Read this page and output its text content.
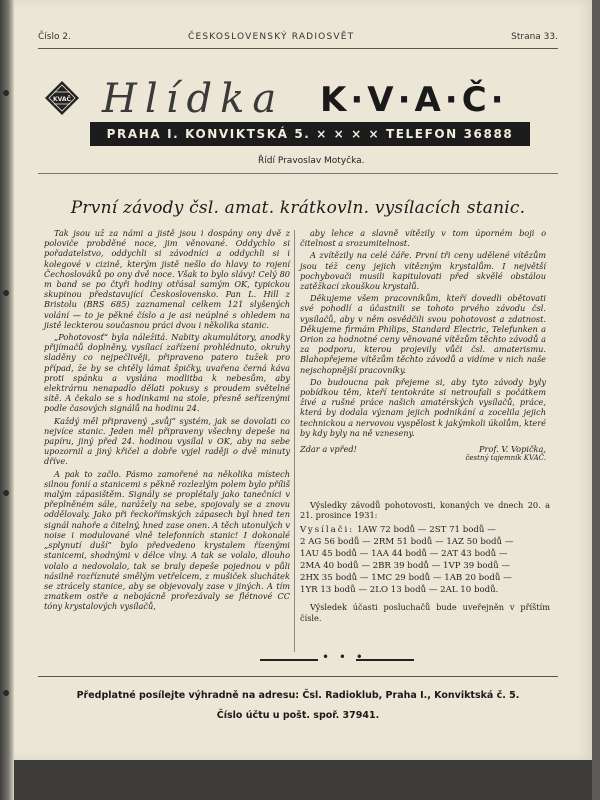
Číslo 2.	ČESKOSLOVENSKÝ RADIOSVĚT	Strana 33.
KVAČ Hlídka K·V·A·Č·
PRAHA I. KONVIKTSKÁ 5. × × × × TELEFON 36888
Řídí Pravoslav Motyčka.
První závody čsl. amat. krátkovln. vysílacích stanic.

Tak jsou už za námi a jistě jsou i dospány ony dvě z poloviče probděné noce, jim věnované. Oddychlo si pořadatelstvo, oddychli si závodníci a oddychli si i kolegové v cizině, kterým jistě nešlo do hlavy to rojení Čechoslováků po ony dvě noce. Však to bylo slávy! Celý 80 m band se po čtyři hodiny otřásal samým OK, typickou skupinou představující Československo. Pan L. Hill z Bristolu (BRS 685) zaznamenal celkem 121 slyšených volání — to je pěkné číslo a je asi neúplné s ohledem na jistě leckterou současnou práci dvou i několika stanic.

„Pohotovosť“ byla náležitá. Nabity akumulátory, anodky přijímačů doplněny, vysílací zařízení prohlédnuto, okruhy sladěny co nejpečlivěji, připraveno patero tužek pro případ, že by se chtěly lámat špičky, uvařena černá káva proti spánku a vyslána modlitba k nebesům, aby elektrárnu nenapadlo dělati pokusy s proudem světelné sítě. A čekalo se s hodinkami na stole, přesně seřízenými podle časových signálů na hodinu 24.

Každý měl připravený „svůj“ systém, jak se dovolati co nejvíce stanic. Jeden měl připraveny všechny depeše na papíru, jiný před 24. hodinou vysílal v OK, aby na sebe upozornil a jiný křičel a dobře vyjel raději o dvě minuty dříve.

A pak to začlo. Pásmo zamořené na několika místech silnou fonií a stanicemi s pěkně rozlezlým polem bylo příliš malým zápasištěm. Signály se proplétaly jako tanečníci v přeplněném sále, narážely na sebe, spojovaly se a znovu oddělovaly. Jako při řeckořímských zápasech byl hned ten signál nahoře a čitelný, hned zase onen. A těch utonulých v noise i modulované vlně telefonních stanic! I dokonalé „splynutí duší“ bylo předvedeno krystalem řízenými stanicemi, shodnými v délce vlny. A tak se volalo, dlouho volalo a nedovolalo, tak se braly depeše pojednou v půli násilně rozříznuté smělým vetřelcem, z mušiček sluchátek se ztrácely stanice, aby se objevovaly zase v jiných. A tím zmatkem ostře a nebojácně prořezávaly se flétnové CC tóny krystalových vysílačů,

aby lehce a slavně vítězily v tom úporném boji o čitelnost a srozumitelnost.

A zvítězily na celé čáře. První tři ceny udělené vítězům jsou též ceny jejich vítězným krystalům. I největší pochybovači musili kapitulovati před skvělé obstálou zatěžkací zkouškou krystalů.

Děkujeme všem pracovníkům, kteří dovedli obětovati své pohodlí a účastnili se tohoto prvého závodu čsl. vysílačů, aby v něm osvědčili svou pohotovost a zdatnost. Děkujeme firmám Philips, Standard Electric, Telefunken a Orion za hodnotné ceny věnované vítězům těchto závodů a za podporu, kterou projevily vůči čsl. amaterismu. Blahopřejeme vítězům těchto závodů a vidíme v nich naše nejschopnější pracovníky.

Do budoucna pak přejeme si, aby tyto závody byly pobídkou těm, kteří tentokráte si netroufali s počátkem živé a rušné práce našich amatérských vysílačů, práce, která by dodala význam jejich podnikání a zocelila jejich technickou a nervovou vyspělost k jakýmkoli úkolům, které by kdy byly na ně vzneseny.

Zdar a vpřed!	Prof. V. Vopička,
čestný tajemník KVAČ.

Výsledky závodů pohotovosti, konaných ve dnech 20. a 21. prosince 1931:

Vysílači: 1AW 72 bodů — 2ST 71 bodů —
2 AG 56 bodů — 2RM 51 bodů — 1AZ 50 bodů —
1AU 45 bodů — 1AA 44 bodů — 2AT 43 bodů —
2MA 40 bodů — 2BR 39 bodů — 1VP 39 bodů —
2HX 35 bodů — 1MC 29 bodů — 1AB 20 bodů —
1YR 13 bodů — 2LO 13 bodů — 2AL 10 bodů.

Výsledek účasti posluchačů bude uveřejněn v příštím čísle.

• • •
Předplatné posílejte výhradně na adresu: Čsl. Radioklub, Praha I., Konviktská č. 5.
Číslo účtu u pošt. spoř. 37941.
